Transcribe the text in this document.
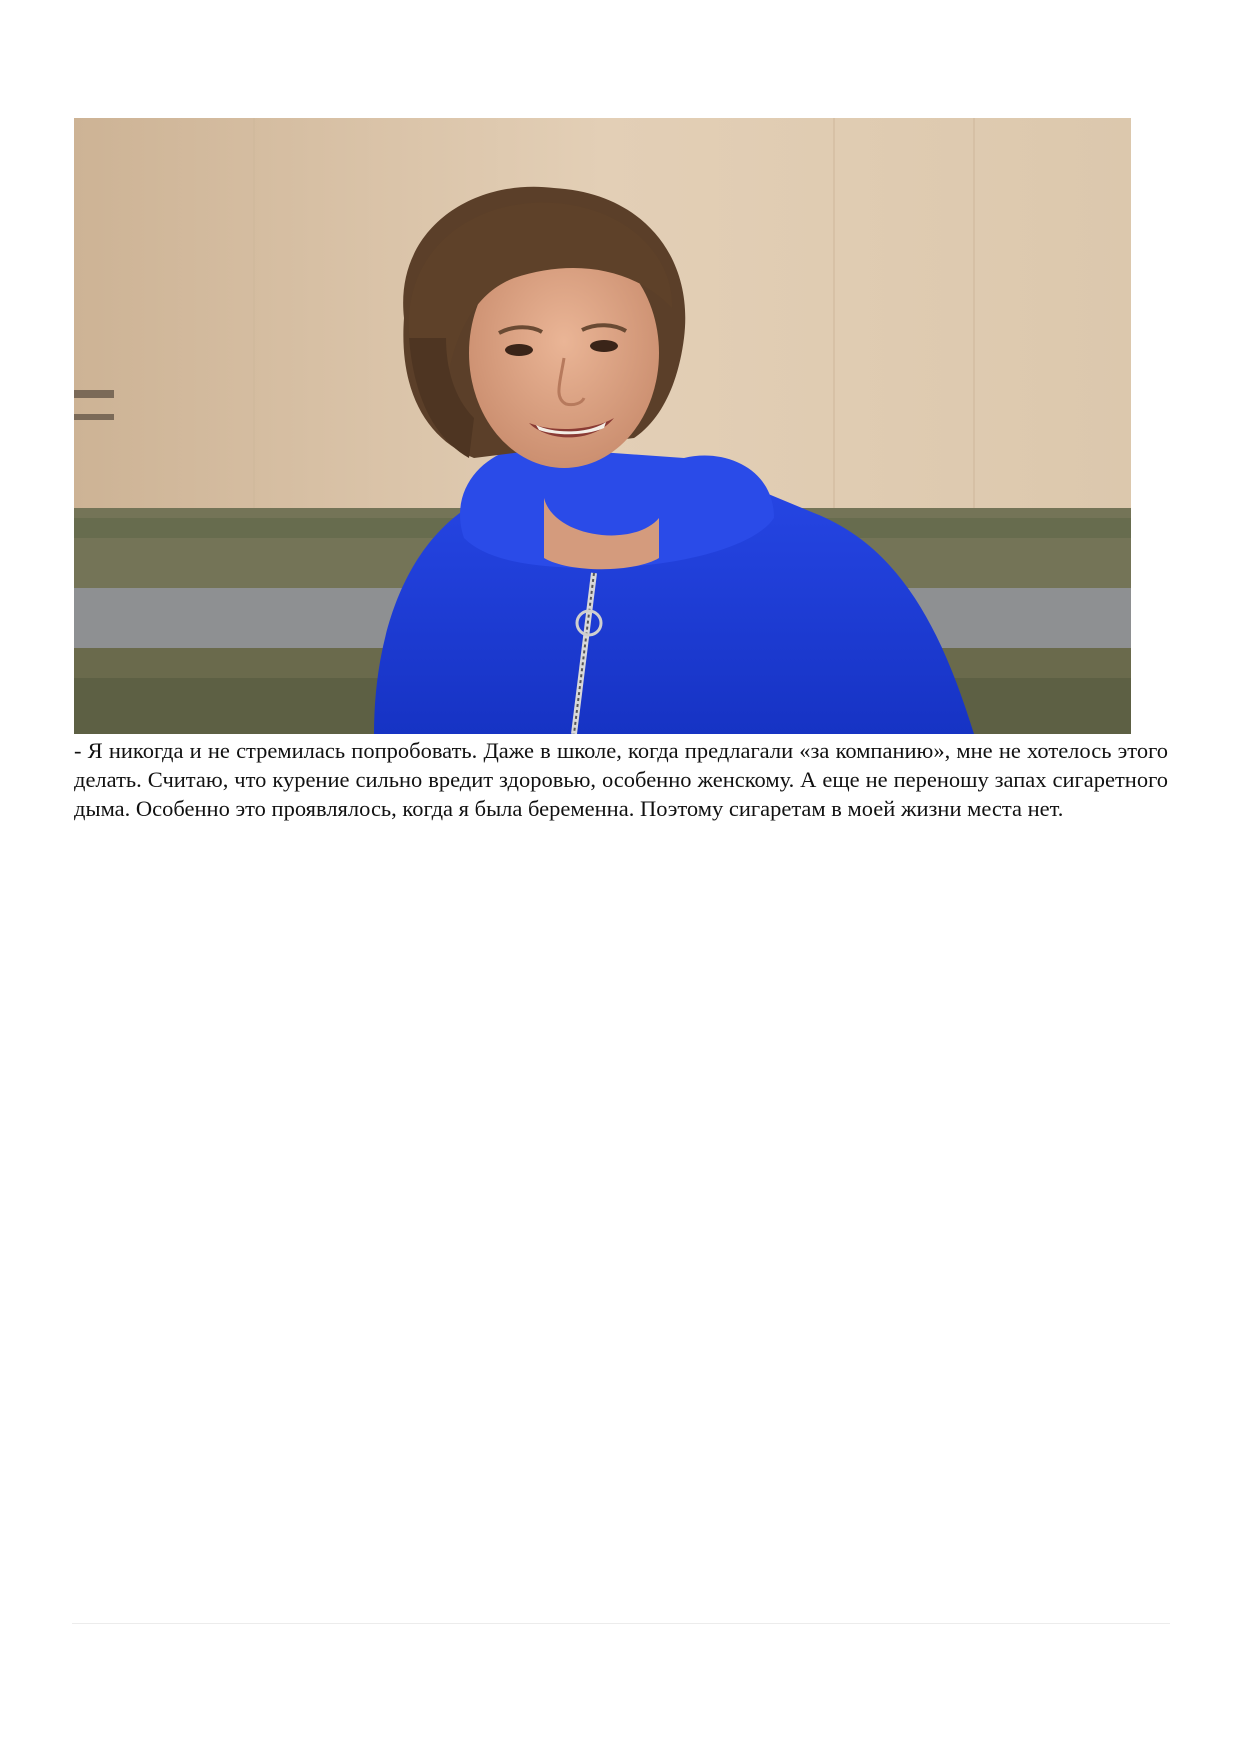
- Я никогда и не стремилась попробовать. Даже в школе, когда предлагали «за компанию», мне не хотелось этого делать. Считаю, что курение сильно вредит здоровью, особенно женскому. А еще не переношу запах сигаретного дыма. Особенно это проявлялось, когда я была беременна. Поэтому сигаретам в моей жизни места нет.
